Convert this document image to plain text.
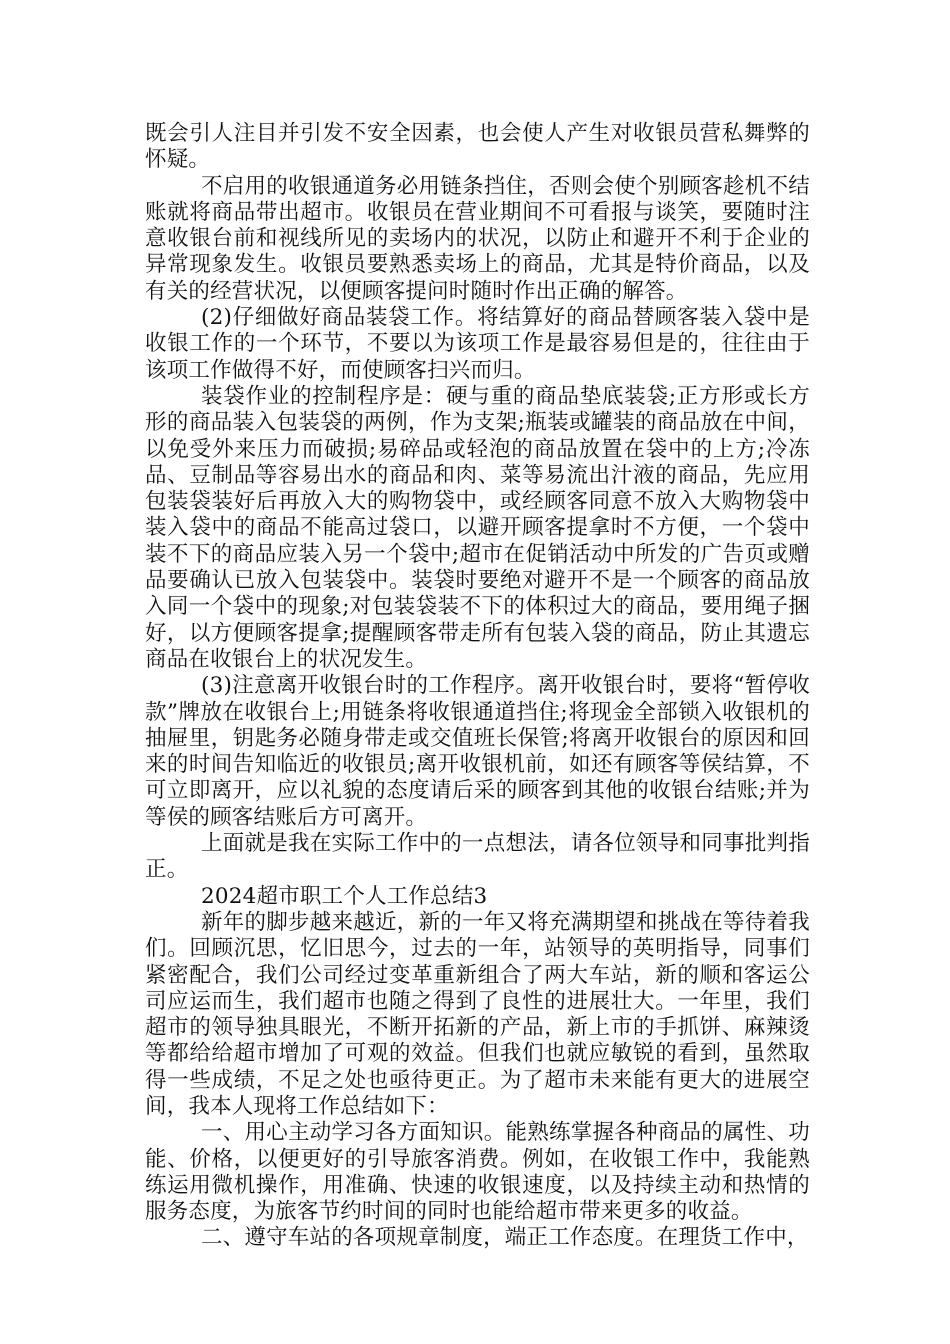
既会引人注目并引发不安全因素，也会使人产生对收银员营私舞弊的怀疑。

不启用的收银通道务必用链条挡住，否则会使个别顾客趁机不结账就将商品带出超市。收银员在营业期间不可看报与谈笑，要随时注意收银台前和视线所见的卖场内的状况，以防止和避开不利于企业的异常现象发生。收银员要熟悉卖场上的商品，尤其是特价商品，以及有关的经营状况，以便顾客提问时随时作出正确的解答。

(2)仔细做好商品装袋工作。将结算好的商品替顾客装入袋中是收银工作的一个环节，不要以为该项工作是最容易但是的，往往由于该项工作做得不好，而使顾客扫兴而归。

装袋作业的控制程序是：硬与重的商品垫底装袋;正方形或长方形的商品装入包装袋的两例，作为支架;瓶装或罐装的商品放在中间，以免受外来压力而破损;易碎品或轻泡的商品放置在袋中的上方;冷冻品、豆制品等容易出水的商品和肉、菜等易流出汁液的商品，先应用包装袋装好后再放入大的购物袋中，或经顾客同意不放入大购物袋中装入袋中的商品不能高过袋口，以避开顾客提拿时不方便，一个袋中装不下的商品应装入另一个袋中;超市在促销活动中所发的广告页或赠品要确认已放入包装袋中。装袋时要绝对避开不是一个顾客的商品放入同一个袋中的现象;对包装袋装不下的体积过大的商品，要用绳子捆好，以方便顾客提拿;提醒顾客带走所有包装入袋的商品，防止其遗忘商品在收银台上的状况发生。

(3)注意离开收银台时的工作程序。离开收银台时，要将“暂停收款”牌放在收银台上;用链条将收银通道挡住;将现金全部锁入收银机的抽屉里，钥匙务必随身带走或交值班长保管;将离开收银台的原因和回来的时间告知临近的收银员;离开收银机前，如还有顾客等侯结算，不可立即离开，应以礼貌的态度请后采的顾客到其他的收银台结账;并为等侯的顾客结账后方可离开。

上面就是我在实际工作中的一点想法，请各位领导和同事批判指正。

2024超市职工个人工作总结3

新年的脚步越来越近，新的一年又将充满期望和挑战在等待着我们。回顾沉思，忆旧思今，过去的一年，站领导的英明指导，同事们紧密配合，我们公司经过变革重新组合了两大车站，新的顺和客运公司应运而生，我们超市也随之得到了良性的进展壮大。一年里，我们超市的领导独具眼光，不断开拓新的产品，新上市的手抓饼、麻辣烫等都给给超市增加了可观的效益。但我们也就应敏锐的看到，虽然取得一些成绩，不足之处也亟待更正。为了超市未来能有更大的进展空间，我本人现将工作总结如下：

一、用心主动学习各方面知识。能熟练掌握各种商品的属性、功能、价格，以便更好的引导旅客消费。例如，在收银工作中，我能熟练运用微机操作，用准确、快速的收银速度，以及持续主动和热情的服务态度，为旅客节约时间的同时也能给超市带来更多的收益。

二、遵守车站的各项规章制度，端正工作态度。在理货工作中，
